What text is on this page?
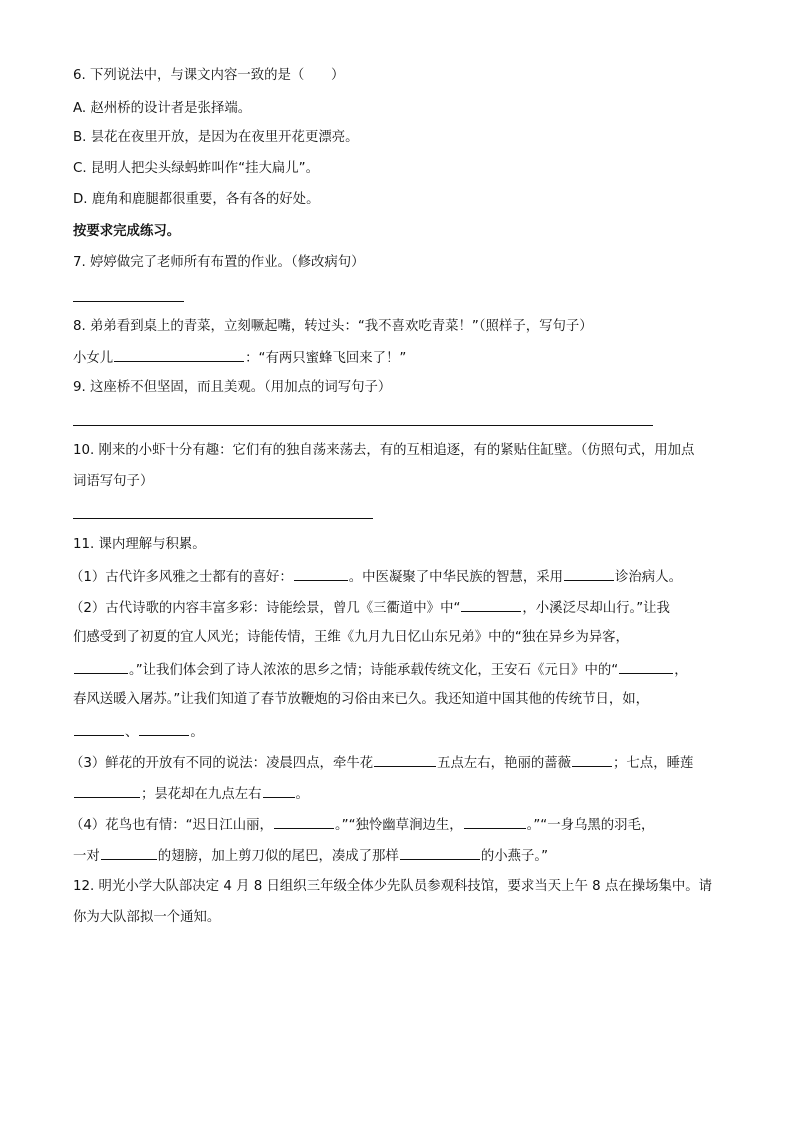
6. 下列说法中，与课文内容一致的是（　　）
A. 赵州桥的设计者是张择端。
B. 昙花在夜里开放，是因为在夜里开花更漂亮。
C. 昆明人把尖头绿蚂蚱叫作“挂大扁儿”。
D. 鹿角和鹿腿都很重要，各有各的好处。
按要求完成练习。
7. 婷婷做完了老师所有布置的作业。（修改病句）
8. 弟弟看到桌上的青菜，立刻噘起嘴，转过头：“我不喜欢吃青菜！”（照样子，写句子）
小女儿	：“有两只蜜蜂飞回来了！”
9. 这座桥不但坚固，而且美观。（用加点的词写句子）
10. 刚来的小虾十分有趣：它们有的独自荡来荡去，有的互相追逐，有的紧贴住缸壁。（仿照句式，用加点
词语写句子）
11. 课内理解与积累。
（1）古代许多风雅之士都有的喜好：	。中医凝聚了中华民族的智慧，采用	诊治病人。
（2）古代诗歌的内容丰富多彩：诗能绘景，曾几《三衢道中》中“	，小溪泛尽却山行。”让我
们感受到了初夏的宜人风光；诗能传情，王维《九月九日忆山东兄弟》中的“独在异乡为异客，
。”让我们体会到了诗人浓浓的思乡之情；诗能承载传统文化，王安石《元日》中的“	，
春风送暖入屠苏。”让我们知道了春节放鞭炮的习俗由来已久。我还知道中国其他的传统节日，如，
、	。
（3）鲜花的开放有不同的说法：凌晨四点，牵牛花	五点左右，艳丽的蔷薇	；七点，睡莲
；昙花却在九点左右	。
（4）花鸟也有情：“迟日江山丽，	。”“独怜幽草涧边生，	。”“一身乌黑的羽毛，
一对	的翅膀，加上剪刀似的尾巴，凑成了那样	的小燕子。”
12. 明光小学大队部决定 4 月 8 日组织三年级全体少先队员参观科技馆，要求当天上午 8 点在操场集中。请
你为大队部拟一个通知。
